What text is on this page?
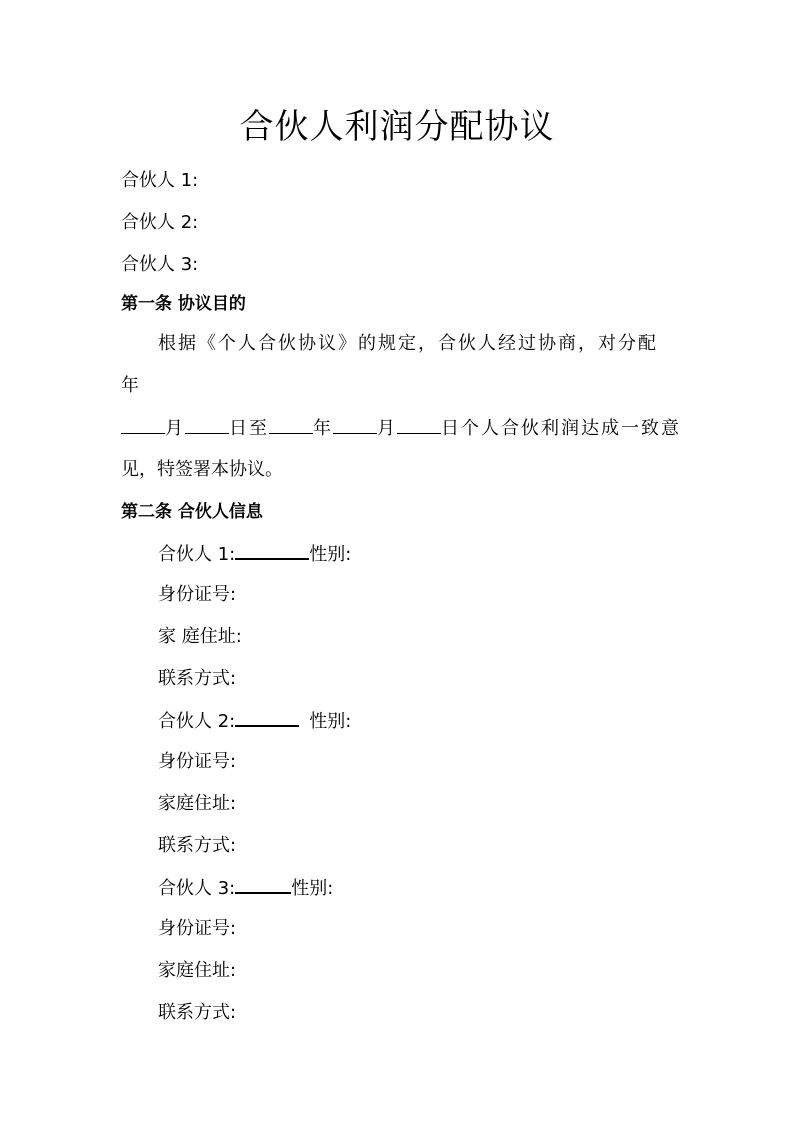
合伙人利润分配协议
合伙人 1:
合伙人 2:
合伙人 3:
第一条 协议目的
根据《个人合伙协议》的规定，合伙人经过协商，对分配
年
月 日至 年 月 日个人合伙利润达成一致意
见，特签署本协议。
第二条 合伙人信息
合伙人 1:	性别:
身份证号:
家 庭住址:
联系方式:
合伙人 2:	性别:
身份证号:
家庭住址:
联系方式:
合伙人 3:	性别:
身份证号:
家庭住址:
联系方式:
